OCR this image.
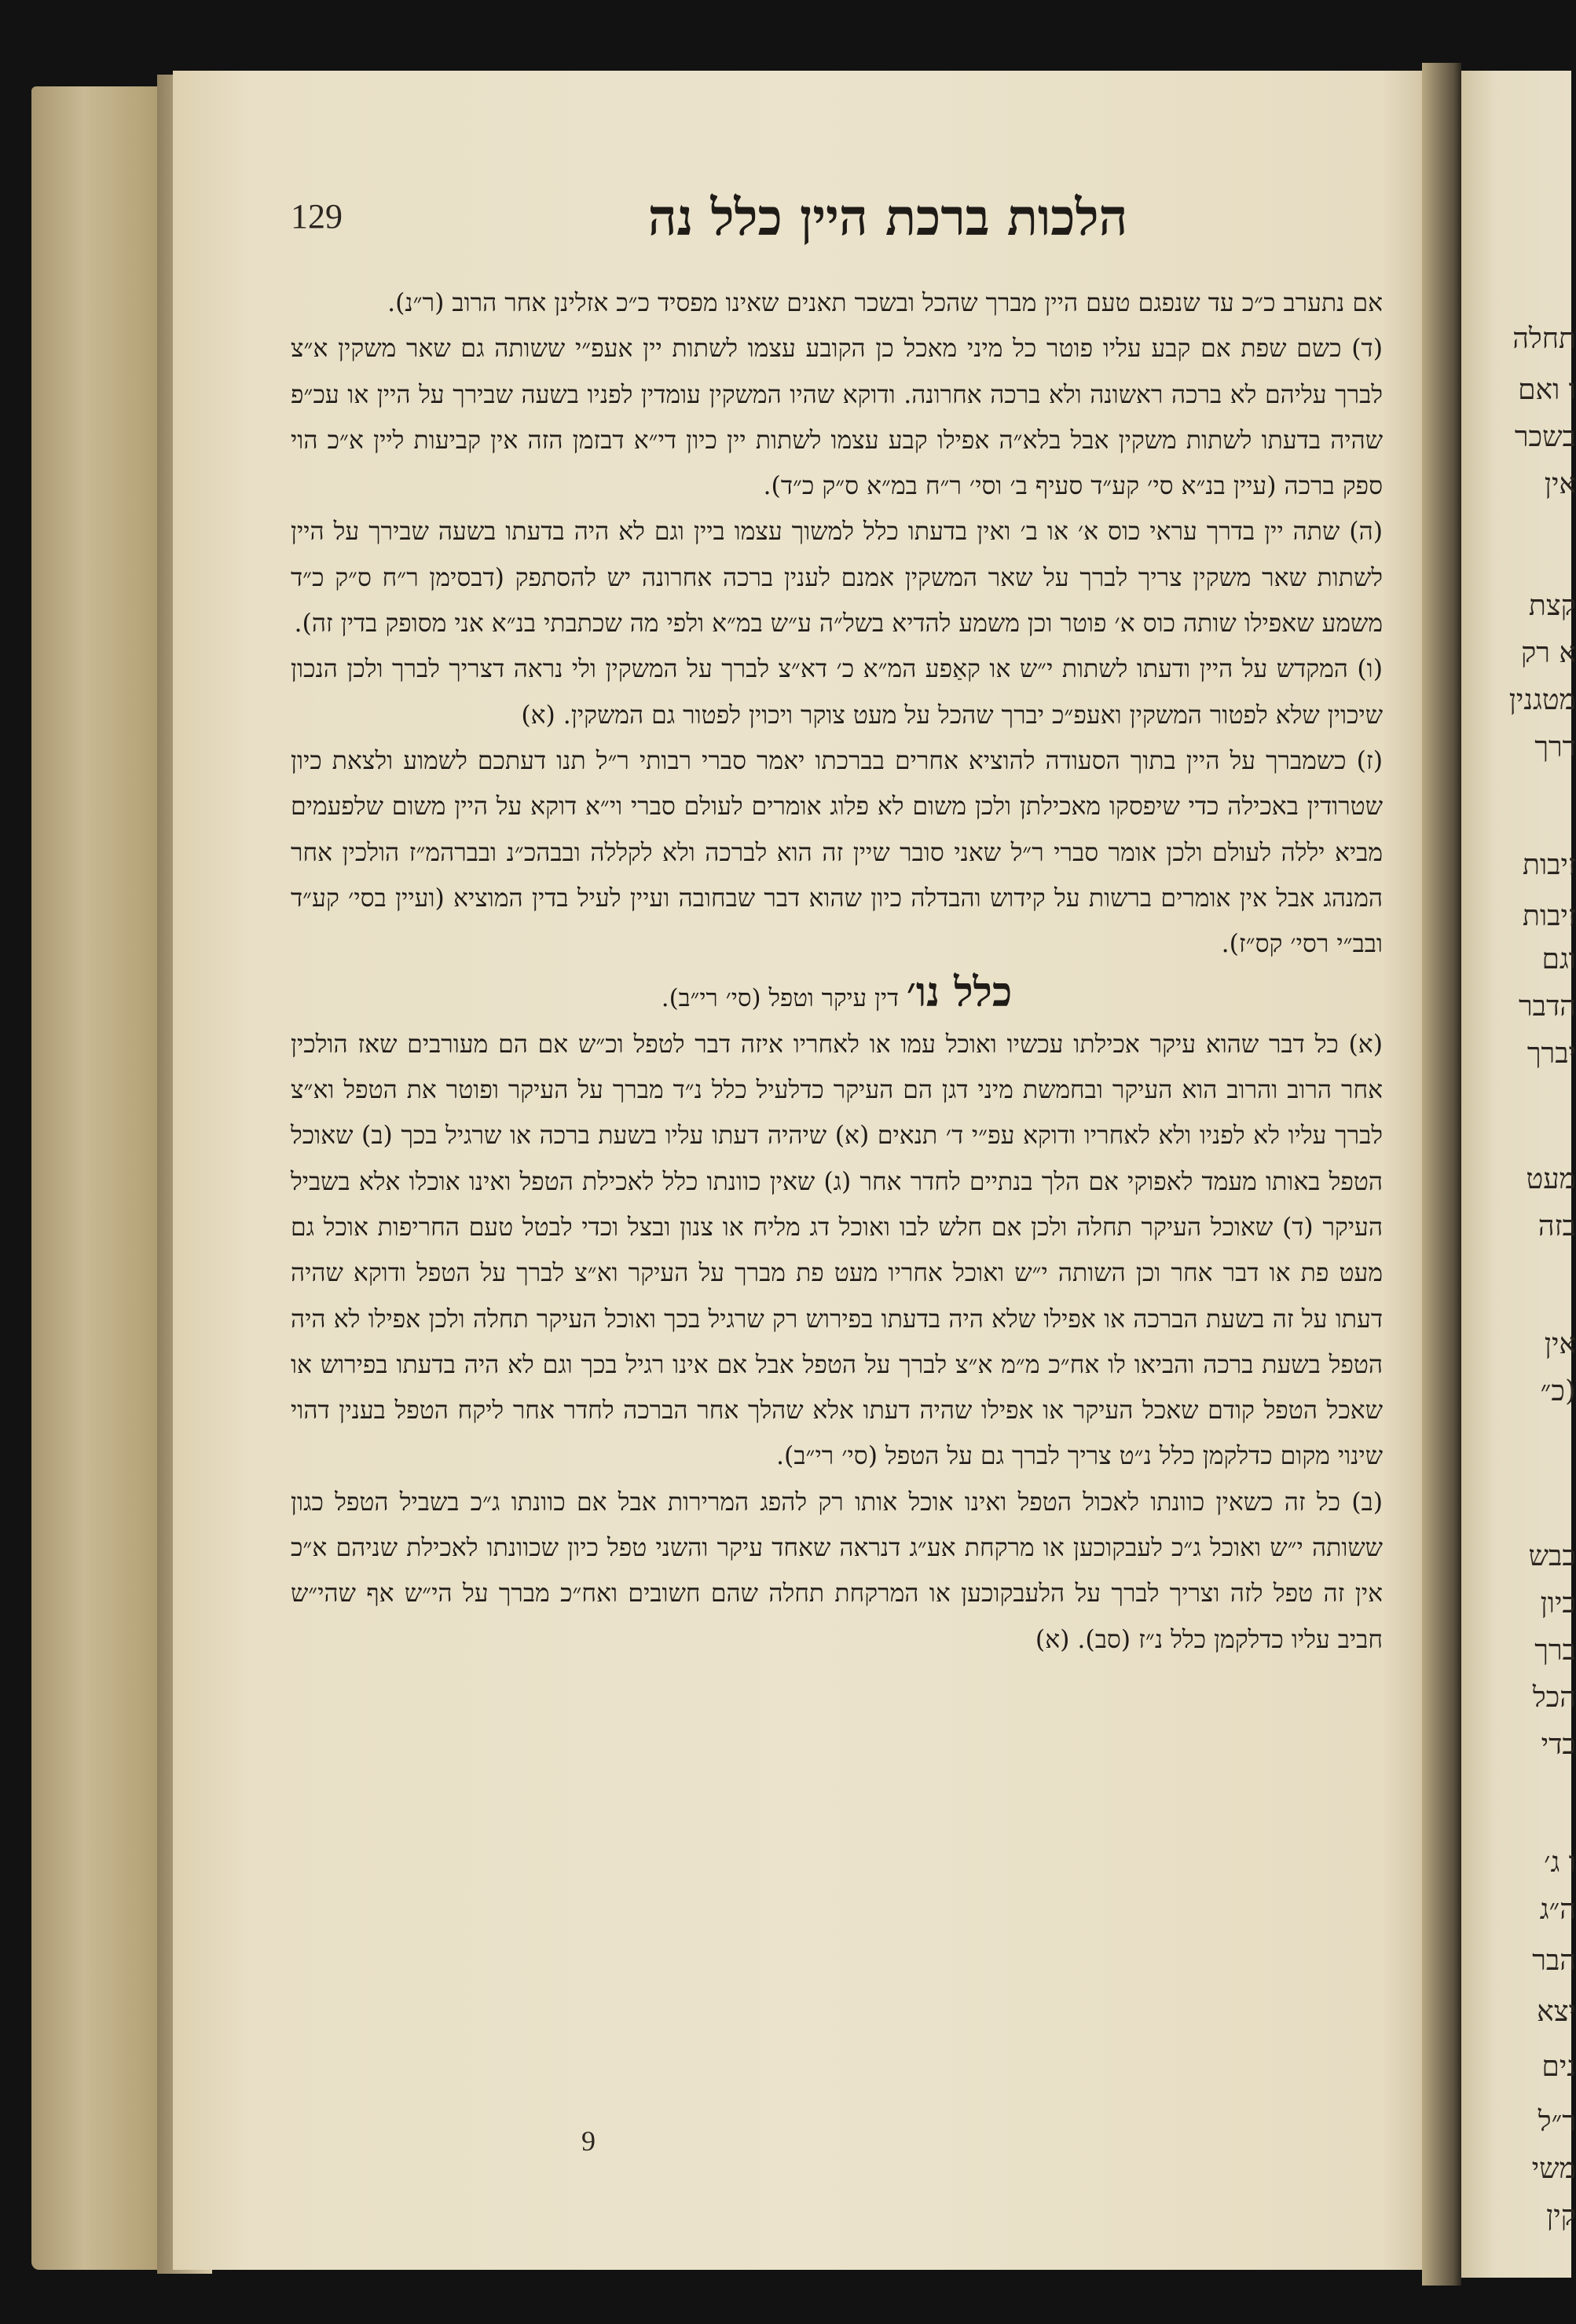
תחלה
ו ואם
בשכר
אין
קצת
א רק
מטגנין
דרך
זיבות
זיבות
וגם
הדבר
יברך
מעט
בזה
אין
(כ״
כבש
כיון
ברך
הכל
כדי
ו ג׳
ה״ג
הבר
יצא
נים
ר״ל
משי
קין
129	הלכות ברכת היין כלל נה

אם נתערב כ״כ עד שנפגם טעם היין מברך שהכל ובשכר תאנים שאינו מפסיד כ״כ אזלינן אחר הרוב (ר״נ).

(ד) כשם שפת אם קבע עליו פוטר כל מיני מאכל כן הקובע עצמו לשתות יין אעפ״י ששותה גם שאר משקין א״צ לברך עליהם לא ברכה ראשונה ולא ברכה אחרונה. ודוקא שהיו המשקין עומדין לפניו בשעה שבירך על היין או עכ״פ שהיה בדעתו לשתות משקין אבל בלא״ה אפילו קבע עצמו לשתות יין כיון די״א דבזמן הזה אין קביעות ליין א״כ הוי ספק ברכה (עיין בנ״א סי׳ קע״ד סעיף ב׳ וסי׳ ר״ח במ״א ס״ק כ״ד).

(ה) שתה יין בדרך עראי כוס א׳ או ב׳ ואין בדעתו כלל למשוך עצמו ביין וגם לא היה בדעתו בשעה שבירך על היין לשתות שאר משקין צריך לברך על שאר המשקין אמנם לענין ברכה אחרונה יש להסתפק (דבסימן ר״ח ס״ק כ״ד משמע שאפילו שותה כוס א׳ פוטר וכן משמע להדיא בשל״ה ע״ש במ״א ולפי מה שכתבתי בנ״א אני מסופק בדין זה).

(ו) המקדש על היין ודעתו לשתות י״ש או קאַפע המ״א כ׳ דא״צ לברך על המשקין ולי נראה דצריך לברך ולכן הנכון שיכוין שלא לפטור המשקין ואעפ״כ יברך שהכל על מעט צוקר ויכוין לפטור גם המשקין. (א)

(ז) כשמברך על היין בתוך הסעודה להוציא אחרים בברכתו יאמר סברי רבותי ר״ל תנו דעתכם לשמוע ולצאת כיון שטרודין באכילה כדי שיפסקו מאכילתן ולכן משום לא פלוג אומרים לעולם סברי וי״א דוקא על היין משום שלפעמים מביא יללה לעולם ולכן אומר סברי ר״ל שאני סובר שיין זה הוא לברכה ולא לקללה ובבהכ״נ ובברהמ״ז הולכין אחר המנהג אבל אין אומרים ברשות על קידוש והבדלה כיון שהוא דבר שבחובה ועיין לעיל בדין המוציא (ועיין בסי׳ קע״ד ובב״י רסי׳ קס״ז).

כלל נו׳ דין עיקר וטפל (סי׳ רי״ב).

(א) כל דבר שהוא עיקר אכילתו עכשיו ואוכל עמו או לאחריו איזה דבר לטפל וכ״ש אם הם מעורבים שאז הולכין אחר הרוב והרוב הוא העיקר ובחמשת מיני דגן הם העיקר כדלעיל כלל נ״ד מברך על העיקר ופוטר את הטפל וא״צ לברך עליו לא לפניו ולא לאחריו ודוקא עפ״י ד׳ תנאים (א) שיהיה דעתו עליו בשעת ברכה או שרגיל בכך (ב) שאוכל הטפל באותו מעמד לאפוקי אם הלך בנתיים לחדר אחר (ג) שאין כוונתו כלל לאכילת הטפל ואינו אוכלו אלא בשביל העיקר (ד) שאוכל העיקר תחלה ולכן אם חלש לבו ואוכל דג מליח או צנון ובצל וכדי לבטל טעם החריפות אוכל גם מעט פת או דבר אחר וכן השותה י״ש ואוכל אחריו מעט פת מברך על העיקר וא״צ לברך על הטפל ודוקא שהיה דעתו על זה בשעת הברכה או אפילו שלא היה בדעתו בפירוש רק שרגיל בכך ואוכל העיקר תחלה ולכן אפילו לא היה הטפל בשעת ברכה והביאו לו אח״כ מ״מ א״צ לברך על הטפל אבל אם אינו רגיל בכך וגם לא היה בדעתו בפירוש או שאכל הטפל קודם שאכל העיקר או אפילו שהיה דעתו אלא שהלך אחר הברכה לחדר אחר ליקח הטפל בענין דהוי שינוי מקום כדלקמן כלל נ״ט צריך לברך גם על הטפל (סי׳ רי״ב).

(ב) כל זה כשאין כוונתו לאכול הטפל ואינו אוכל אותו רק להפג המרירות אבל אם כוונתו ג״כ בשביל הטפל כגון ששותה י״ש ואוכל ג״כ לעבקוכען או מרקחת אע״ג דנראה שאחד עיקר והשני טפל כיון שכוונתו לאכילת שניהם א״כ אין זה טפל לזה וצריך לברך על הלעבקוכען או המרקחת תחלה שהם חשובים ואח״כ מברך על הי״ש אף שהי״ש חביב עליו כדלקמן כלל נ״ז (סב). (א)

9
